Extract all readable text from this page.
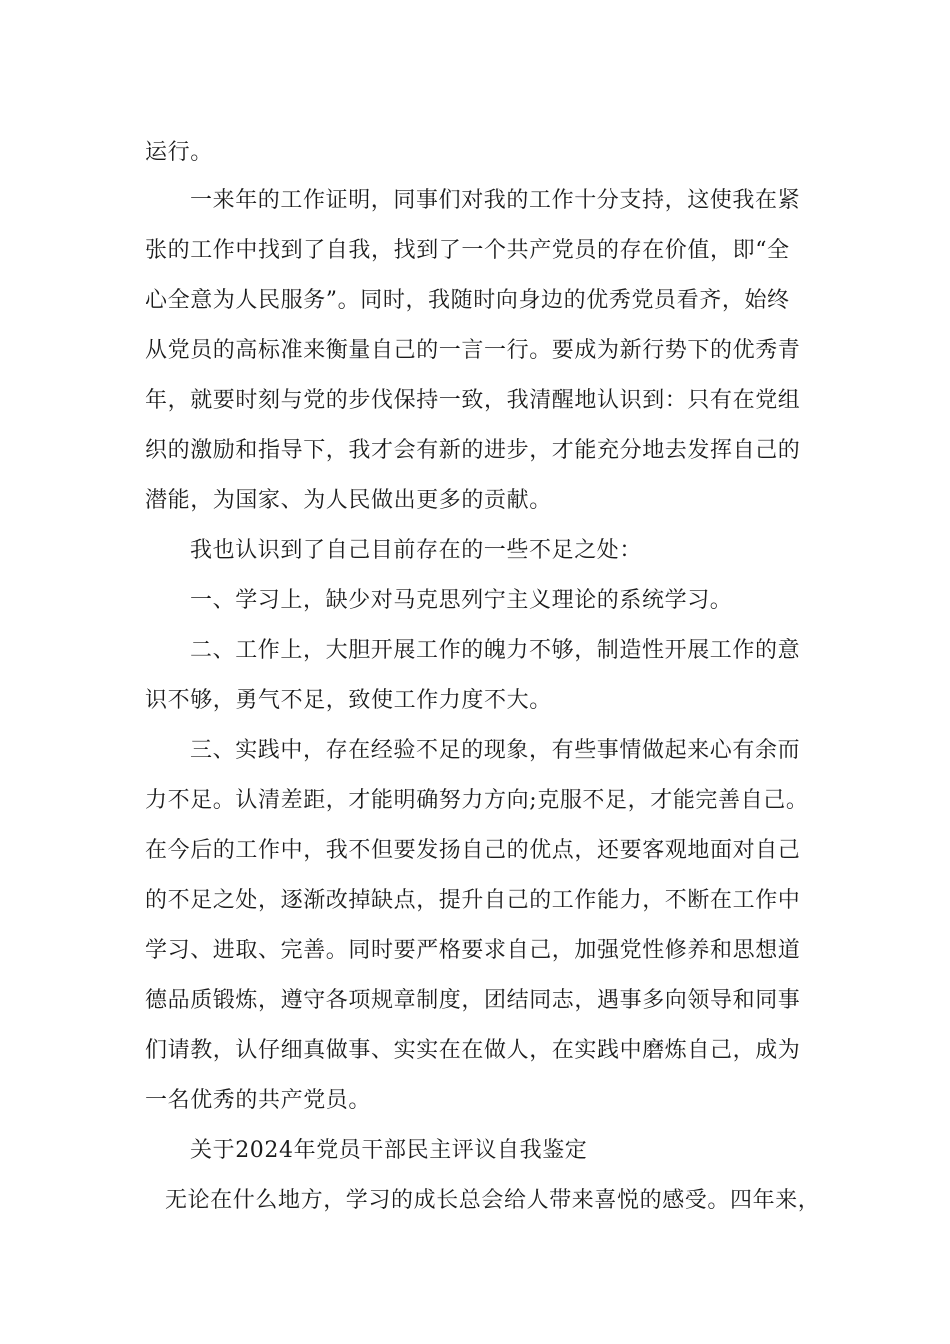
运行。
一来年的工作证明，同事们对我的工作十分支持，这使我在紧
张的工作中找到了自我，找到了一个共产党员的存在价值，即“全
心全意为人民服务”。同时，我随时向身边的优秀党员看齐，始终
从党员的高标准来衡量自己的一言一行。要成为新行势下的优秀青
年，就要时刻与党的步伐保持一致，我清醒地认识到：只有在党组
织的激励和指导下，我才会有新的进步，才能充分地去发挥自己的
潜能，为国家、为人民做出更多的贡献。
我也认识到了自己目前存在的一些不足之处：
一、学习上，缺少对马克思列宁主义理论的系统学习。
二、工作上，大胆开展工作的魄力不够，制造性开展工作的意
识不够，勇气不足，致使工作力度不大。
三、实践中，存在经验不足的现象，有些事情做起来心有余而
力不足。认清差距，才能明确努力方向;克服不足，才能完善自己。
在今后的工作中，我不但要发扬自己的优点，还要客观地面对自己
的不足之处，逐渐改掉缺点，提升自己的工作能力，不断在工作中
学习、进取、完善。同时要严格要求自己，加强党性修养和思想道
德品质锻炼，遵守各项规章制度，团结同志，遇事多向领导和同事
们请教，认仔细真做事、实实在在做人，在实践中磨炼自己，成为
一名优秀的共产党员。
关于2024年党员干部民主评议自我鉴定
无论在什么地方，学习的成长总会给人带来喜悦的感受。四年来，
